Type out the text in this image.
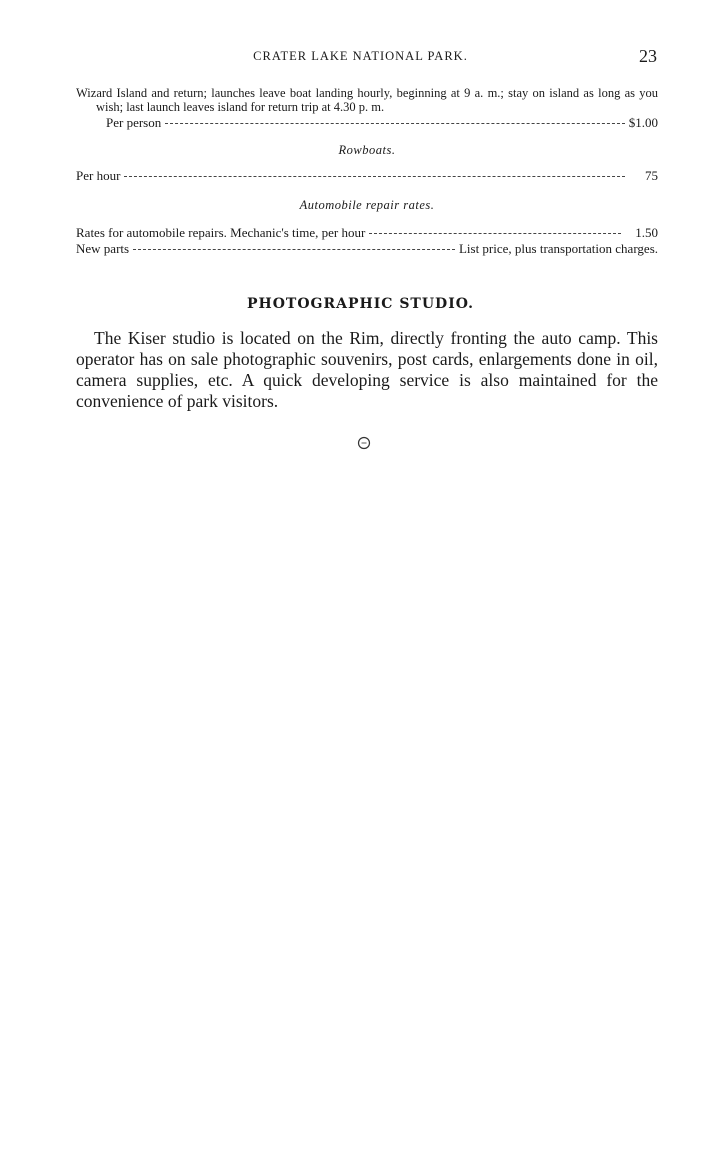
CRATER LAKE NATIONAL PARK.	23

Wizard Island and return; launches leave boat landing hourly, beginning at 9 a. m.; stay on island as long as you wish; last launch leaves island for return trip at 4.30 p. m.

Per person	$1.00

Rowboats.

Per hour	75

Automobile repair rates.

Rates for automobile repairs. Mechanic's time, per hour	1.50
New parts	List price, plus transportation charges.
PHOTOGRAPHIC STUDIO.

The Kiser studio is located on the Rim, directly fronting the auto camp. This operator has on sale photographic souvenirs, post cards, enlargements done in oil, camera supplies, etc. A quick developing service is also maintained for the convenience of park visitors.
